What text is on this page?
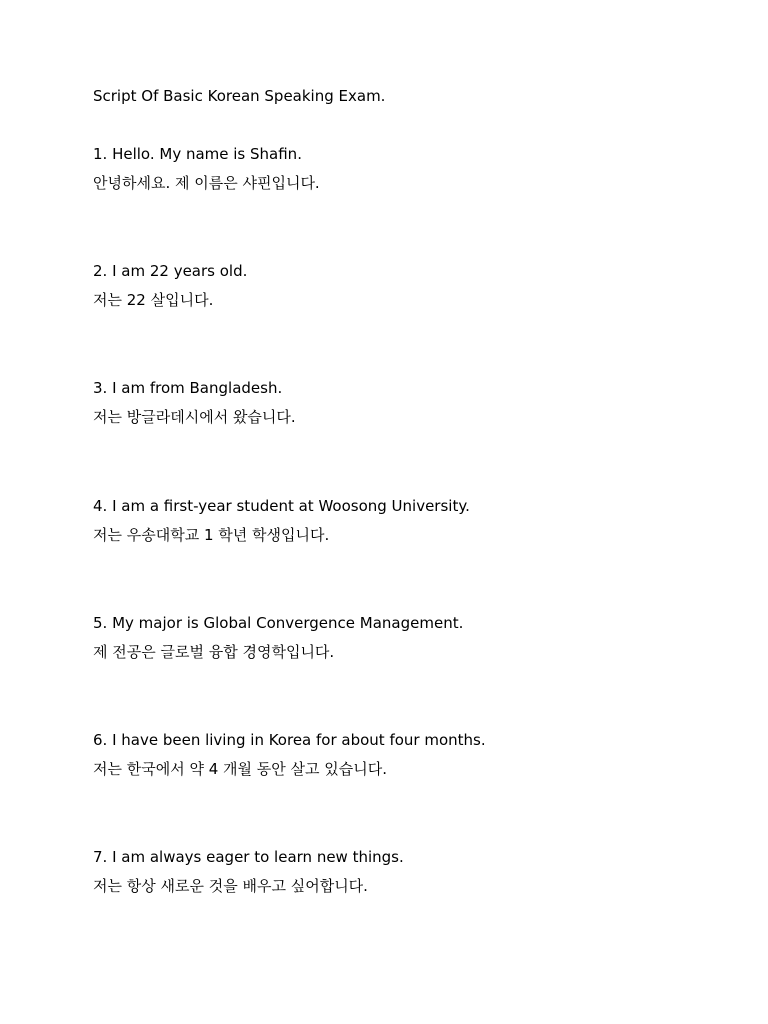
Script Of Basic Korean Speaking Exam.
1. Hello. My name is Shafin.
안녕하세요. 제 이름은 샤핀입니다.
2. I am 22 years old.
저는 22 살입니다.
3. I am from Bangladesh.
저는 방글라데시에서 왔습니다.
4. I am a first-year student at Woosong University.
저는 우송대학교 1 학년 학생입니다.
5. My major is Global Convergence Management.
제 전공은 글로벌 융합 경영학입니다.
6. I have been living in Korea for about four months.
저는 한국에서 약 4 개월 동안 살고 있습니다.
7. I am always eager to learn new things.
저는 항상 새로운 것을 배우고 싶어합니다.
